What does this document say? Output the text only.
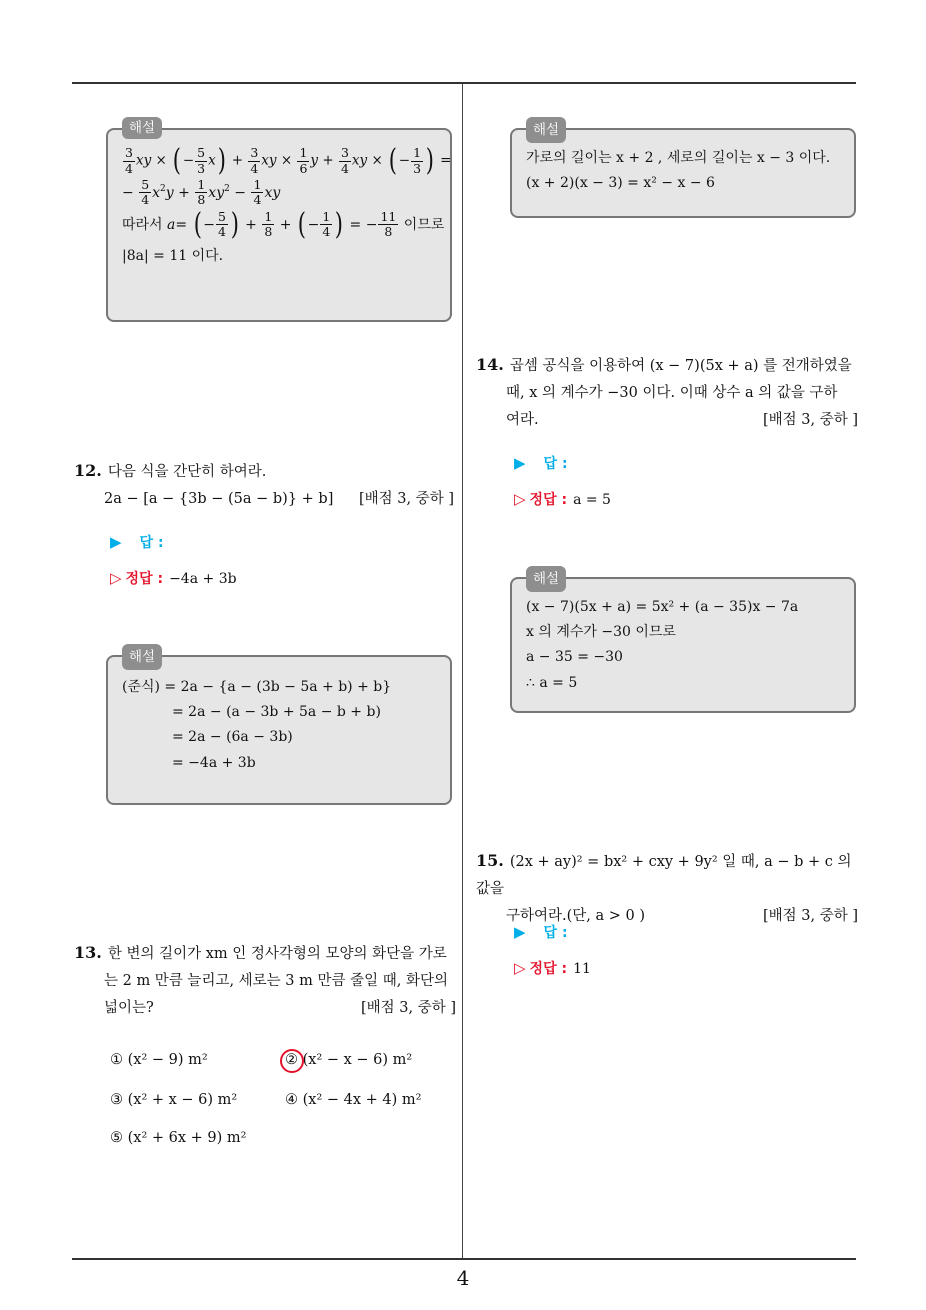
4
해설
$\frac{3}{4}$ xy × ( − $\frac{5}{3} x) + \frac{3}{4}$ xy × $\frac{1}{6}$ $y + \frac{3}{4}$ xy × ( − $\frac{1}{3}$ ) =
− $\frac{5}{4} x^2y + \frac{1}{8} xy^2 - \frac{1}{4}$ xy
따라서 a= ( − $\frac{5}{4}$ ) + $\frac{1}{8}$ + ( − $\frac{1}{4}$ ) = − $\frac{11}{8}$ 이므로
|8a| = 11 이다.
12. 다음 식을 간단히 하여라.
2a − [a − {3b − (5a − b)} + b] [배점 3, 중하 ]
▶ 답 :
▷ 정답 : −4a + 3b
해설
(준식) = 2a − {a − (3b − 5a + b) + b}
= 2a − (a − 3b + 5a − b + b)
= 2a − (6a − 3b)
= −4a + 3b
13. 한 변의 길이가 xm 인 정사각형의 모양의 화단을 가로
는 2 m 만큼 늘리고, 세로는 3 m 만큼 줄일 때, 화단의
넓이는?	[배점 3, 중하 ]
① (x² − 9) m²	② (x² − x − 6) m²
③ (x² + x − 6) m²	④ (x² − 4x + 4) m²
⑤ (x² + 6x + 9) m²
해설
가로의 길이는 x + 2 , 세로의 길이는 x − 3 이다.
(x + 2)(x − 3) = x² − x − 6
14. 곱셈 공식을 이용하여 (x − 7)(5x + a) 를 전개하였을
때, x 의 계수가 −30 이다. 이때 상수 a 의 값을 구하
여라.	[배점 3, 중하 ]
▶ 답 :
▷ 정답 : a = 5
해설
(x − 7)(5x + a) = 5x² + (a − 35)x − 7a
x 의 계수가 −30 이므로
a − 35 = −30
∴ a = 5
15. (2x + ay)² = bx² + cxy + 9y² 일 때, a − b + c 의 값을
구하여라.(단, a > 0 )	[배점 3, 중하 ]
▶ 답 :
▷ 정답 : 11
